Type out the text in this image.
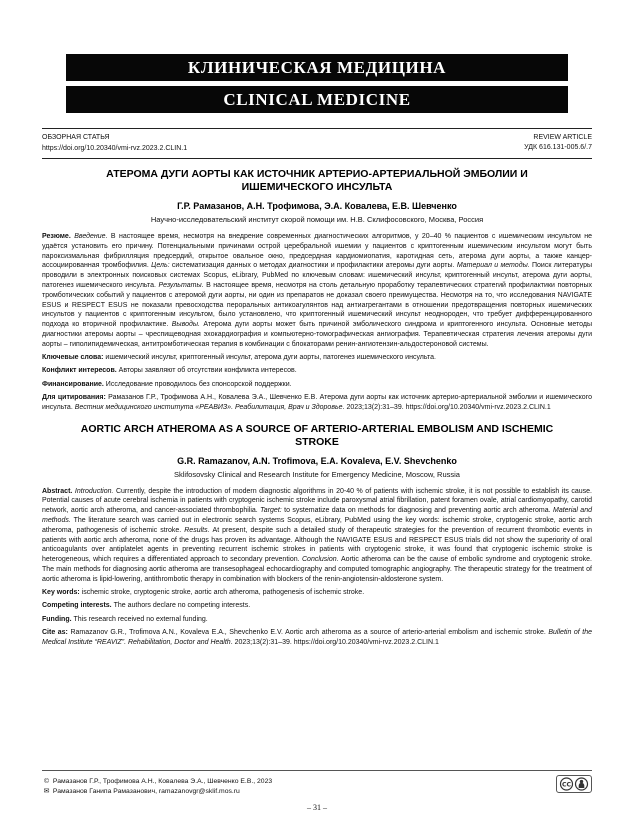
КЛИНИЧЕСКАЯ МЕДИЦИНА
CLINICAL MEDICINE
ОБЗОРНАЯ СТАТЬЯ
https://doi.org/10.20340/vmi-rvz.2023.2.CLIN.1
REVIEW ARTICLE
УДК 616.131-005.6/.7
АТЕРОМА ДУГИ АОРТЫ КАК ИСТОЧНИК АРТЕРИО-АРТЕРИАЛЬНОЙ ЭМБОЛИИ И ИШЕМИЧЕСКОГО ИНСУЛЬТА
Г.Р. Рамазанов, А.Н. Трофимова, Э.А. Ковалева, Е.В. Шевченко
Научно-исследовательский институт скорой помощи им. Н.В. Склифосовского, Москва, Россия

Резюме. Введение. В настоящее время, несмотря на внедрение современных диагностических алгоритмов, у 20–40 % пациентов с ишемическим инсультом не удаётся установить его причину. Потенциальными причинами острой церебральной ишемии у пациентов с криптогенным ишемическим инсультом могут быть пароксизмальная фибрилляция предсердий, открытое овальное окно, предсердная кардиомиопатия, каротидная сеть, атерома дуги аорты, а также канцер-ассоциированная тромбофилия. Цель: систематизация данных о методах диагностики и профилактики атеромы дуги аорты. Материал и методы. Поиск литературы проводили в электронных поисковых системах Scopus, eLibrary, PubMed по ключевым словам: ишемический инсульт, криптогенный инсульт, атерома дуги аорты, патогенез ишемического инсульта. Результаты. В настоящее время, несмотря на столь детальную проработку терапевтических стратегий профилактики повторных тромботических событий у пациентов с атеромой дуги аорты, ни один из препаратов не доказал своего преимущества. Несмотря на то, что исследования NAVIGATE ESUS и RESPECT ESUS не показали превосходства пероральных антикоагулянтов над антиагрегантами в отношении предотвращения повторных ишемических инсультов у пациентов с криптогенным инсультом, было установлено, что криптогенный ишемический инсульт неоднороден, что требует дифференцированного подхода ко вторичной профилактике. Выводы. Атерома дуги аорты может быть причиной эмболического синдрома и криптогенного инсульта. Основные методы диагностики атеромы аорты – чреспищеводная эхокардиография и компьютерно-томографическая ангиография. Терапевтическая стратегия лечения атеромы дуги аорты – гиполипидемическая, антитромботическая терапия в комбинации с блокаторами ренин-ангиотензин-альдостероновой системы.

Ключевые слова: ишемический инсульт, криптогенный инсульт, атерома дуги аорты, патогенез ишемического инсульта.

Конфликт интересов. Авторы заявляют об отсутствии конфликта интересов.

Финансирование. Исследование проводилось без спонсорской поддержки.

Для цитирования: Рамазанов Г.Р., Трофимова А.Н., Ковалева Э.А., Шевченко Е.В. Атерома дуги аорты как источник артерио-артериальной эмболии и ишемического инсульта. Вестник медицинского института «РЕАВИЗ». Реабилитация, Врач и Здоровье. 2023;13(2):31–39. https://doi.org/10.20340/vmi-rvz.2023.2.CLIN.1

AORTIC ARCH ATHEROMA AS A SOURCE OF ARTERIO-ARTERIAL EMBOLISM AND ISCHEMIC STROKE
G.R. Ramazanov, A.N. Trofimova, E.A. Kovaleva, E.V. Shevchenko
Sklifosovsky Clinical and Research Institute for Emergency Medicine, Moscow, Russia

Abstract. Introduction. Currently, despite the introduction of modern diagnostic algorithms in 20-40 % of patients with ischemic stroke, it is not possible to establish its cause. Potential causes of acute cerebral ischemia in patients with cryptogenic ischemic stroke include paroxysmal atrial fibrillation, patent foramen ovale, atrial cardiomyopathy, carotid network, aortic arch atheroma, and cancer-associated thrombophilia. Target: to systematize data on methods for diagnosing and preventing aortic arch atheroma. Material and methods. The literature search was carried out in electronic search systems Scopus, eLibrary, PubMed using the key words: ischemic stroke, cryptogenic stroke, aortic arch atheroma, pathogenesis of ischemic stroke. Results. At present, despite such a detailed study of therapeutic strategies for the prevention of recurrent thrombotic events in patients with aortic arch atheroma, none of the drugs has proven its advantage. Although the NAVIGATE ESUS and RESPECT ESUS trials did not show the superiority of oral anticoagulants over antiplatelet agents in preventing recurrent ischemic strokes in patients with cryptogenic stroke, it was found that cryptogenic ischemic stroke is heterogeneous, which requires a differentiated approach to secondary prevention. Conclusion. Aortic atheroma can be the cause of embolic syndrome and cryptogenic stroke. The main methods for diagnosing aortic atheroma are transesophageal echocardiography and computed tomographic angiography. The therapeutic strategy for the treatment of aortic atheroma is lipid-lowering, antithrombotic therapy in combination with blockers of the renin-angiotensin-aldosterone system.

Key words: ischemic stroke, cryptogenic stroke, aortic arch atheroma, pathogenesis of ischemic stroke.

Competing interests. The authors declare no competing interests.

Funding. This research received no external funding.

Cite as: Ramazanov G.R., Trofimova A.N., Kovaleva E.A., Shevchenko E.V. Aortic arch atheroma as a source of arterio-arterial embolism and ischemic stroke. Bulletin of the Medical Institute “REAVIZ”. Rehabilitation, Doctor and Health. 2023;13(2):31–39. https://doi.org/10.20340/vmi-rvz.2023.2.CLIN.1

© Рамазанов Г.Р., Трофимова А.Н., Ковалева Э.А., Шевченко Е.В., 2023
✉ Рамазанов Ганипа Рамазанович, ramazanovgr@sklif.mos.ru
CC
– 31 –
